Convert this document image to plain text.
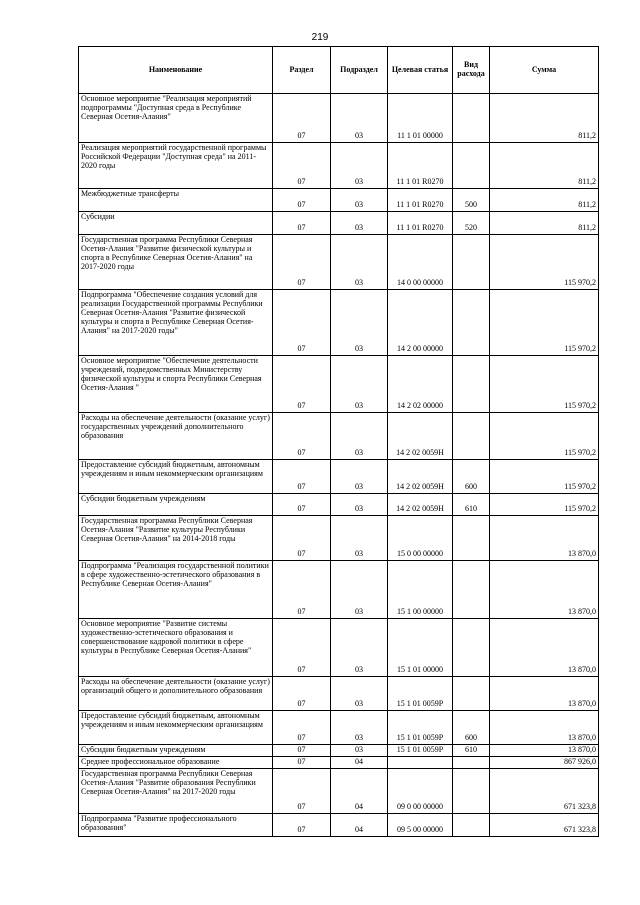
219
Наименование	Раздел	Подраздел	Целевая статья	Вид расхода	Сумма
Основное мероприятие "Реализация мероприятий подпрограммы "Доступная среда в Республике Северная Осетия-Алания"	07	03	11 1 01 00000		811,2
Реализация мероприятий государственной программы Российской Федерации "Доступная среда" на 2011-2020 годы	07	03	11 1 01 R0270		811,2
Межбюджетные трансферты	07	03	11 1 01 R0270	500	811,2
Субсидии	07	03	11 1 01 R0270	520	811,2
Государственная программа Республики Северная Осетия-Алания "Развитие физической культуры и спорта в Республике Северная Осетия-Алания" на 2017-2020 годы	07	03	14 0 00 00000		115 970,2
Подпрограмма "Обеспечение создания условий для реализации Государственной программы Республики Северная Осетия-Алания "Развитие физической культуры и спорта в Республике Северная Осетия-Алания" на 2017-2020 годы"	07	03	14 2 00 00000		115 970,2
Основное мероприятие "Обеспечение деятельности учреждений, подведомственных Министерству физической культуры и спорта Республики Северная Осетия-Алания "	07	03	14 2 02 00000		115 970,2
Расходы на обеспечение деятельности (оказание услуг) государственных учреждений дополнительного образования	07	03	14 2 02 0059Н		115 970,2
Предоставление субсидий бюджетным, автономным учреждениям и иным некоммерческим организациям	07	03	14 2 02 0059Н	600	115 970,2
Субсидии бюджетным учреждениям	07	03	14 2 02 0059Н	610	115 970,2
Государственная программа Республики Северная Осетия-Алания "Развитие культуры Республики Северная Осетия-Алания" на 2014-2018 годы	07	03	15 0 00 00000		13 870,0
Подпрограмма "Реализация государственной политики в сфере художественно-эстетического образования в Республике Северная Осетия-Алания"	07	03	15 1 00 00000		13 870,0
Основное мероприятие "Развитие системы художественно-эстетического образования и совершенствование кадровой политики в сфере культуры в Республике Северная Осетия-Алания"	07	03	15 1 01 00000		13 870,0
Расходы на обеспечение деятельности (оказание услуг) организаций общего и дополнительного образования	07	03	15 1 01 0059Р		13 870,0
Предоставление субсидий бюджетным, автономным учреждениям и иным некоммерческим организациям	07	03	15 1 01 0059Р	600	13 870,0
Субсидии бюджетным учреждениям	07	03	15 1 01 0059Р	610	13 870,0
Среднее профессиональное образование	07	04			867 926,0
Государственная программа Республики Северная Осетия-Алания "Развитие образования Республики Северная Осетия-Алания" на 2017-2020 годы	07	04	09 0 00 00000		671 323,8
Подпрограмма "Развитие профессионального образования"	07	04	09 5 00 00000		671 323,8
